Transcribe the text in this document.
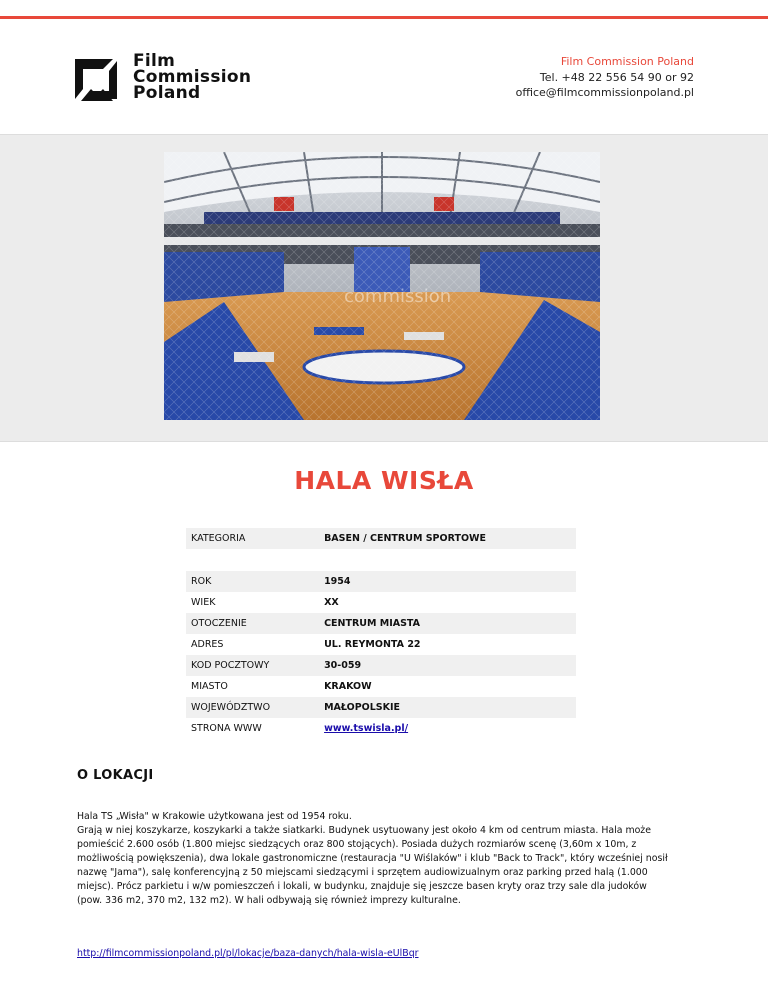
Film
Commission
Poland
Film Commission Poland
Tel. +48 22 556 54 90 or 92
office@filmcommissionpoland.pl
commission
HALA WISŁA
KATEGORIA	BASEN / CENTRUM SPORTOWE

ROK	1954
WIEK	XX
OTOCZENIE	CENTRUM MIASTA
ADRES	UL. REYMONTA 22
KOD POCZTOWY	30-059
MIASTO	KRAKOW
WOJEWÓDZTWO	MAŁOPOLSKIE
STRONA WWW	www.tswisla.pl/
O LOKACJI
Hala TS „Wisła" w Krakowie użytkowana jest od 1954 roku.
Grają w niej koszykarze, koszykarki a także siatkarki. Budynek usytuowany jest około 4 km od centrum miasta. Hala może
pomieścić 2.600 osób (1.800 miejsc siedzących oraz 800 stojących). Posiada dużych rozmiarów scenę (3,60m x 10m, z
możliwością powiększenia), dwa lokale gastronomiczne (restauracja "U Wiślaków" i klub "Back to Track", który wcześniej nosił
nazwę "Jama"), salę konferencyjną z 50 miejscami siedzącymi i sprzętem audiowizualnym oraz parking przed halą (1.000
miejsc). Prócz parkietu i w/w pomieszczeń i lokali, w budynku, znajduje się jeszcze basen kryty oraz trzy sale dla judoków
(pow. 336 m2, 370 m2, 132 m2). W hali odbywają się również imprezy kulturalne.
http://filmcommissionpoland.pl/pl/lokacje/baza-danych/hala-wisla-eUlBqr
